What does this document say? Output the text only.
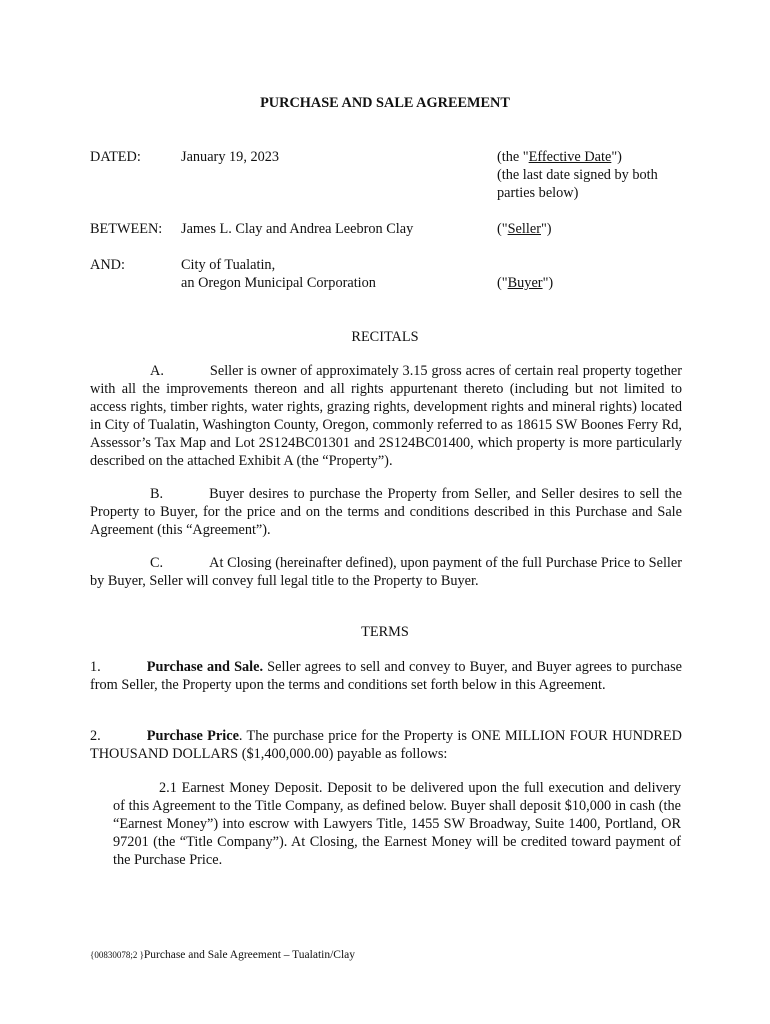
PURCHASE AND SALE AGREEMENT
DATED:	January 19, 2023	(the "Effective Date")
(the last date signed by both
parties below)
BETWEEN: James L. Clay and Andrea Leebron Clay	("Seller")
AND:	City of Tualatin,
an Oregon Municipal Corporation	("Buyer")
RECITALS
A.	Seller is owner of approximately 3.15 gross acres of certain real property together with all the improvements thereon and all rights appurtenant thereto (including but not limited to access rights, timber rights, water rights, grazing rights, development rights and mineral rights) located in City of Tualatin, Washington County, Oregon, commonly referred to as 18615 SW Boones Ferry Rd, Assessor’s Tax Map and Lot 2S124BC01301 and 2S124BC01400, which property is more particularly described on the attached Exhibit A (the “Property”).
B.	Buyer desires to purchase the Property from Seller, and Seller desires to sell the Property to Buyer, for the price and on the terms and conditions described in this Purchase and Sale Agreement (this “Agreement”).
C.	At Closing (hereinafter defined), upon payment of the full Purchase Price to Seller by Buyer, Seller will convey full legal title to the Property to Buyer.
TERMS
1.	Purchase and Sale. Seller agrees to sell and convey to Buyer, and Buyer agrees to purchase from Seller, the Property upon the terms and conditions set forth below in this Agreement.
2.	Purchase Price. The purchase price for the Property is ONE MILLION FOUR HUNDRED THOUSAND DOLLARS ($1,400,000.00) payable as follows:
2.1 Earnest Money Deposit. Deposit to be delivered upon the full execution and delivery of this Agreement to the Title Company, as defined below. Buyer shall deposit $10,000 in cash (the “Earnest Money”) into escrow with Lawyers Title, 1455 SW Broadway, Suite 1400, Portland, OR 97201 (the “Title Company”). At Closing, the Earnest Money will be credited toward payment of the Purchase Price.
{00830078;2 }Purchase and Sale Agreement – Tualatin/Clay
